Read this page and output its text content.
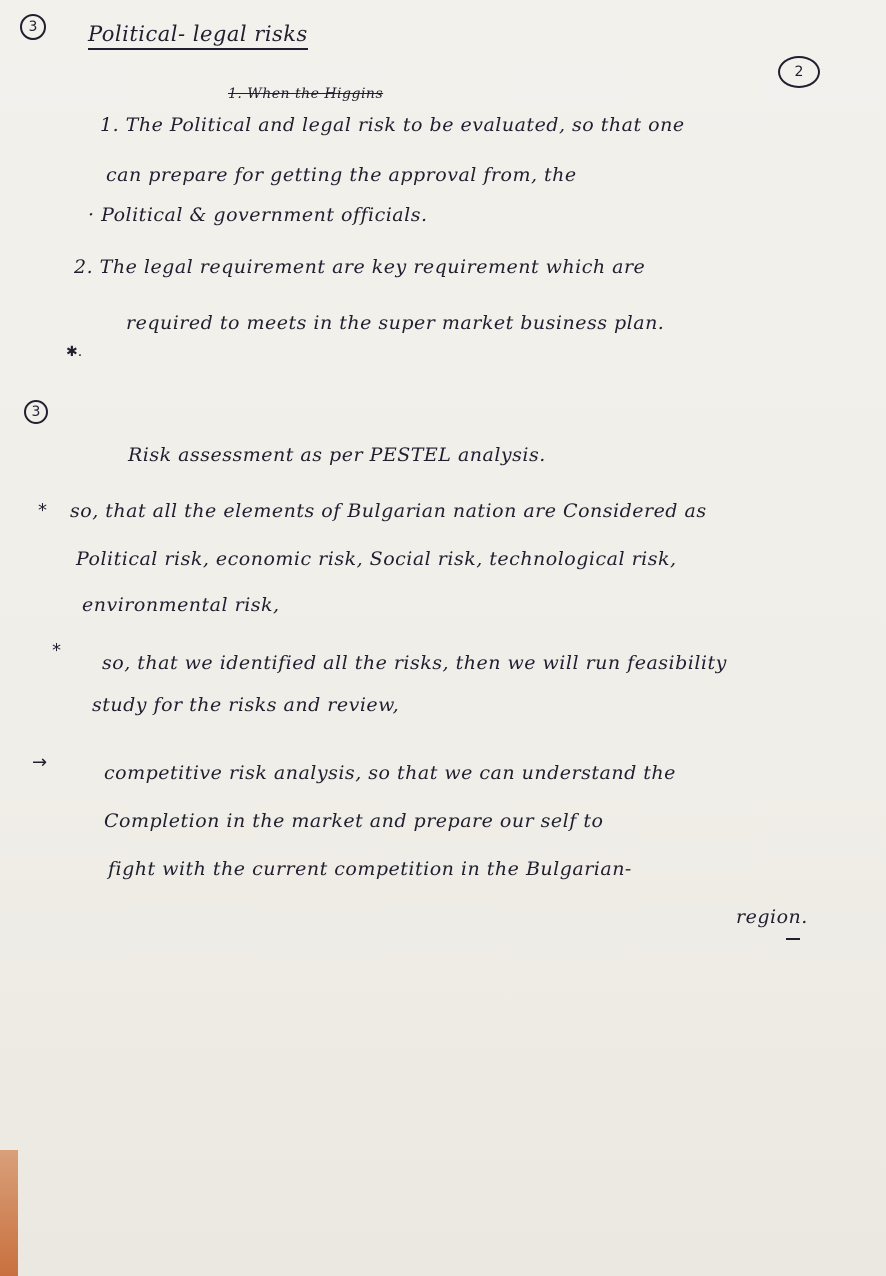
3	Political- legal risks
2
1. When the Higgins
1. The Political and legal risk to be evaluated, so that one
can prepare for getting the approval from, the
· Political & government officials.
2. The legal requirement are key requirement which are
required to meets in the super market business plan.
✱.
3
Risk assessment as per PESTEL analysis.
* so, that all the elements of Bulgarian nation are Considered as
Political risk, economic risk, Social risk, technological risk,
environmental risk,
*
so, that we identified all the risks, then we will run feasibility
study for the risks and review,
→	competitive risk analysis, so that we can understand the
Completion in the market and prepare our self to
fight with the current competition in the Bulgarian-
region.
